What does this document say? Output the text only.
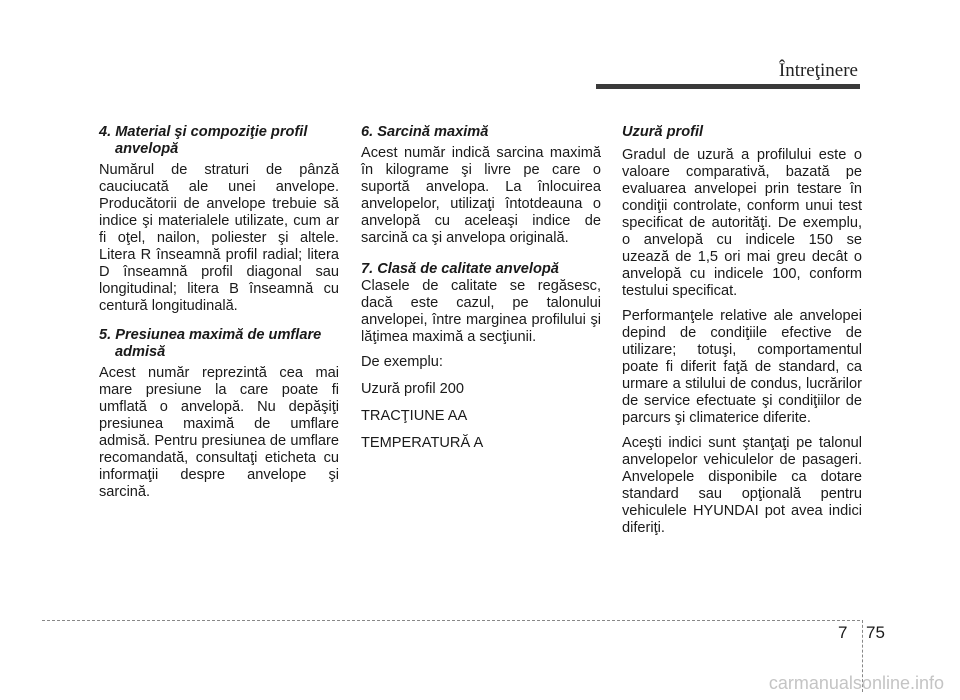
Întreţinere
4. Material şi compoziţie profil anvelopă

Numărul de straturi de pânză cauciucată ale unei anvelope. Producătorii de anvelope trebuie să indice şi materialele utilizate, cum ar fi oţel, nailon, poliester şi altele. Litera R înseamnă profil radial; litera D înseamnă profil diagonal sau longitudinal; litera B înseamnă cu centură longitudinală.

5. Presiunea maximă de umflare admisă

Acest număr reprezintă cea mai mare presiune la care poate fi umflată o anvelopă. Nu depăşiţi presiunea maximă de umflare admisă. Pentru presiunea de umflare recomandată, consultaţi eticheta cu informaţii despre anvelope şi sarcină.

6. Sarcină maximă

Acest număr indică sarcina maximă în kilograme şi livre pe care o suportă anvelopa. La înlocuirea anvelopelor, utilizaţi întotdeauna o anvelopă cu aceleaşi indice de sarcină ca şi anvelopa originală.

7. Clasă de calitate anvelopă

Clasele de calitate se regăsesc, dacă este cazul, pe talonului anvelopei, între marginea profilului şi lăţimea maximă a secţiunii.

De exemplu:

Uzură profil 200

TRACŢIUNE AA

TEMPERATURĂ A

Uzură profil

Gradul de uzură a profilului este o valoare comparativă, bazată pe evaluarea anvelopei prin testare în condiţii controlate, conform unui test specificat de autorităţi. De exemplu, o anvelopă cu indicele 150 se uzează de 1,5 ori mai greu decât o anvelopă cu indicele 100, conform testului specificat.

Performanţele relative ale anvelopei depind de condiţiile efective de utilizare; totuşi, comportamentul poate fi diferit faţă de standard, ca urmare a stilului de condus, lucrărilor de service efectuate şi condiţiilor de parcurs şi climaterice diferite.

Aceşti indici sunt ştanţaţi pe talonul anvelopelor vehiculelor de pasageri. Anvelopele disponibile ca dotare standard sau opţională pentru vehiculele HYUNDAI pot avea indici diferiţi.

7 75
carmanualsonline.info
